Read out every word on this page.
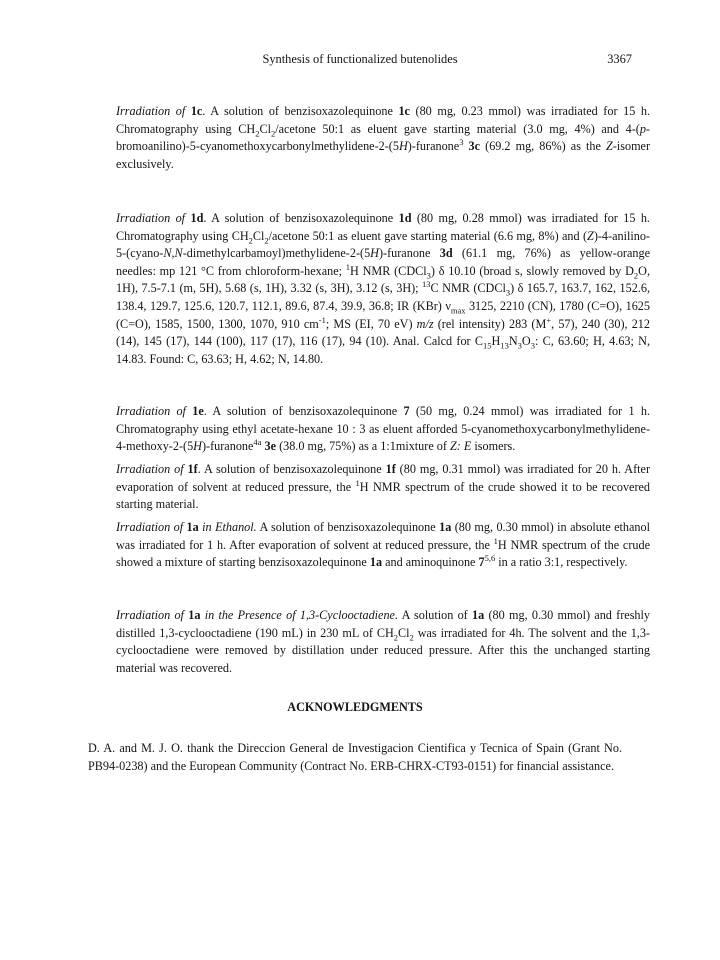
Synthesis of functionalized butenolides	3367

Irradiation of 1c. A solution of benzisoxazolequinone 1c (80 mg, 0.23 mmol) was irradiated for 15 h. Chromatography using $CH_2Cl_2$/acetone 50:1 as eluent gave starting material (3.0 mg, 4%) and 4-(p-bromoanilino)-5-cyanomethoxycarbonylmethylidene-2-(5H)-furanone$^3$ 3c (69.2 mg, 86%) as the Z-isomer exclusively.

Irradiation of 1d. A solution of benzisoxazolequinone 1d (80 mg, 0.28 mmol) was irradiated for 15 h. Chromatography using $CH_2Cl_2$/acetone 50:1 as eluent gave starting material (6.6 mg, 8%) and (Z)-4-anilino-5-(cyano-N,N-dimethylcarbamoyl)methylidene-2-(5H)-furanone 3d (61.1 mg, 76%) as yellow-orange needles: mp 121 °C from chloroform-hexane; $^1$H NMR (CDCl$_3$) δ 10.10 (broad s, slowly removed by $D_2O$, 1H), 7.5-7.1 (m, 5H), 5.68 (s, 1H), 3.32 (s, 3H), 3.12 (s, 3H); $^{13}$C NMR (CDCl$_3$) δ 165.7, 163.7, 162, 152.6, 138.4, 129.7, 125.6, 120.7, 112.1, 89.6, 87.4, 39.9, 36.8; IR (KBr) $\nu_{max}$ 3125, 2210 (CN), 1780 (C=O), 1625 (C=O), 1585, 1500, 1300, 1070, 910 $cm^{-1}$; MS (EI, 70 eV) m/z (rel intensity) 283 (M+, 57), 240 (30), 212 (14), 145 (17), 144 (100), 117 (17), 116 (17), 94 (10). Anal. Calcd for $C_{15}H_{13}N_3O_3$: C, 63.60; H, 4.63; N, 14.83. Found: C, 63.63; H, 4.62; N, 14.80.

Irradiation of 1e. A solution of benzisoxazolequinone 7 (50 mg, 0.24 mmol) was irradiated for 1 h. Chromatography using ethyl acetate-hexane 10 : 3 as eluent afforded 5-cyanomethoxycarbonylmethylidene-4-methoxy-2-(5H)-furanone$^{4a}$ 3e (38.0 mg, 75%) as a 1:1mixture of Z: E isomers.

Irradiation of 1f. A solution of benzisoxazolequinone 1f (80 mg, 0.31 mmol) was irradiated for 20 h. After evaporation of solvent at reduced pressure, the $^1$H NMR spectrum of the crude showed it to be recovered starting material.

Irradiation of 1a in Ethanol. A solution of benzisoxazolequinone 1a (80 mg, 0.30 mmol) in absolute ethanol was irradiated for 1 h. After evaporation of solvent at reduced pressure, the $^1$H NMR spectrum of the crude showed a mixture of starting benzisoxazolequinone 1a and aminoquinone 7$^{5,6}$ in a ratio 3:1, respectively.

Irradiation of 1a in the Presence of 1,3-Cyclooctadiene. A solution of 1a (80 mg, 0.30 mmol) and freshly distilled 1,3-cyclooctadiene (190 mL) in 230 mL of $CH_2Cl_2$ was irradiated for 4h. The solvent and the 1,3-cyclooctadiene were removed by distillation under reduced pressure. After this the unchanged starting material was recovered.

ACKNOWLEDGMENTS

D. A. and M. J. O. thank the Direccion General de Investigacion Cientifica y Tecnica of Spain (Grant No. PB94-0238) and the European Community (Contract No. ERB-CHRX-CT93-0151) for financial assistance.
